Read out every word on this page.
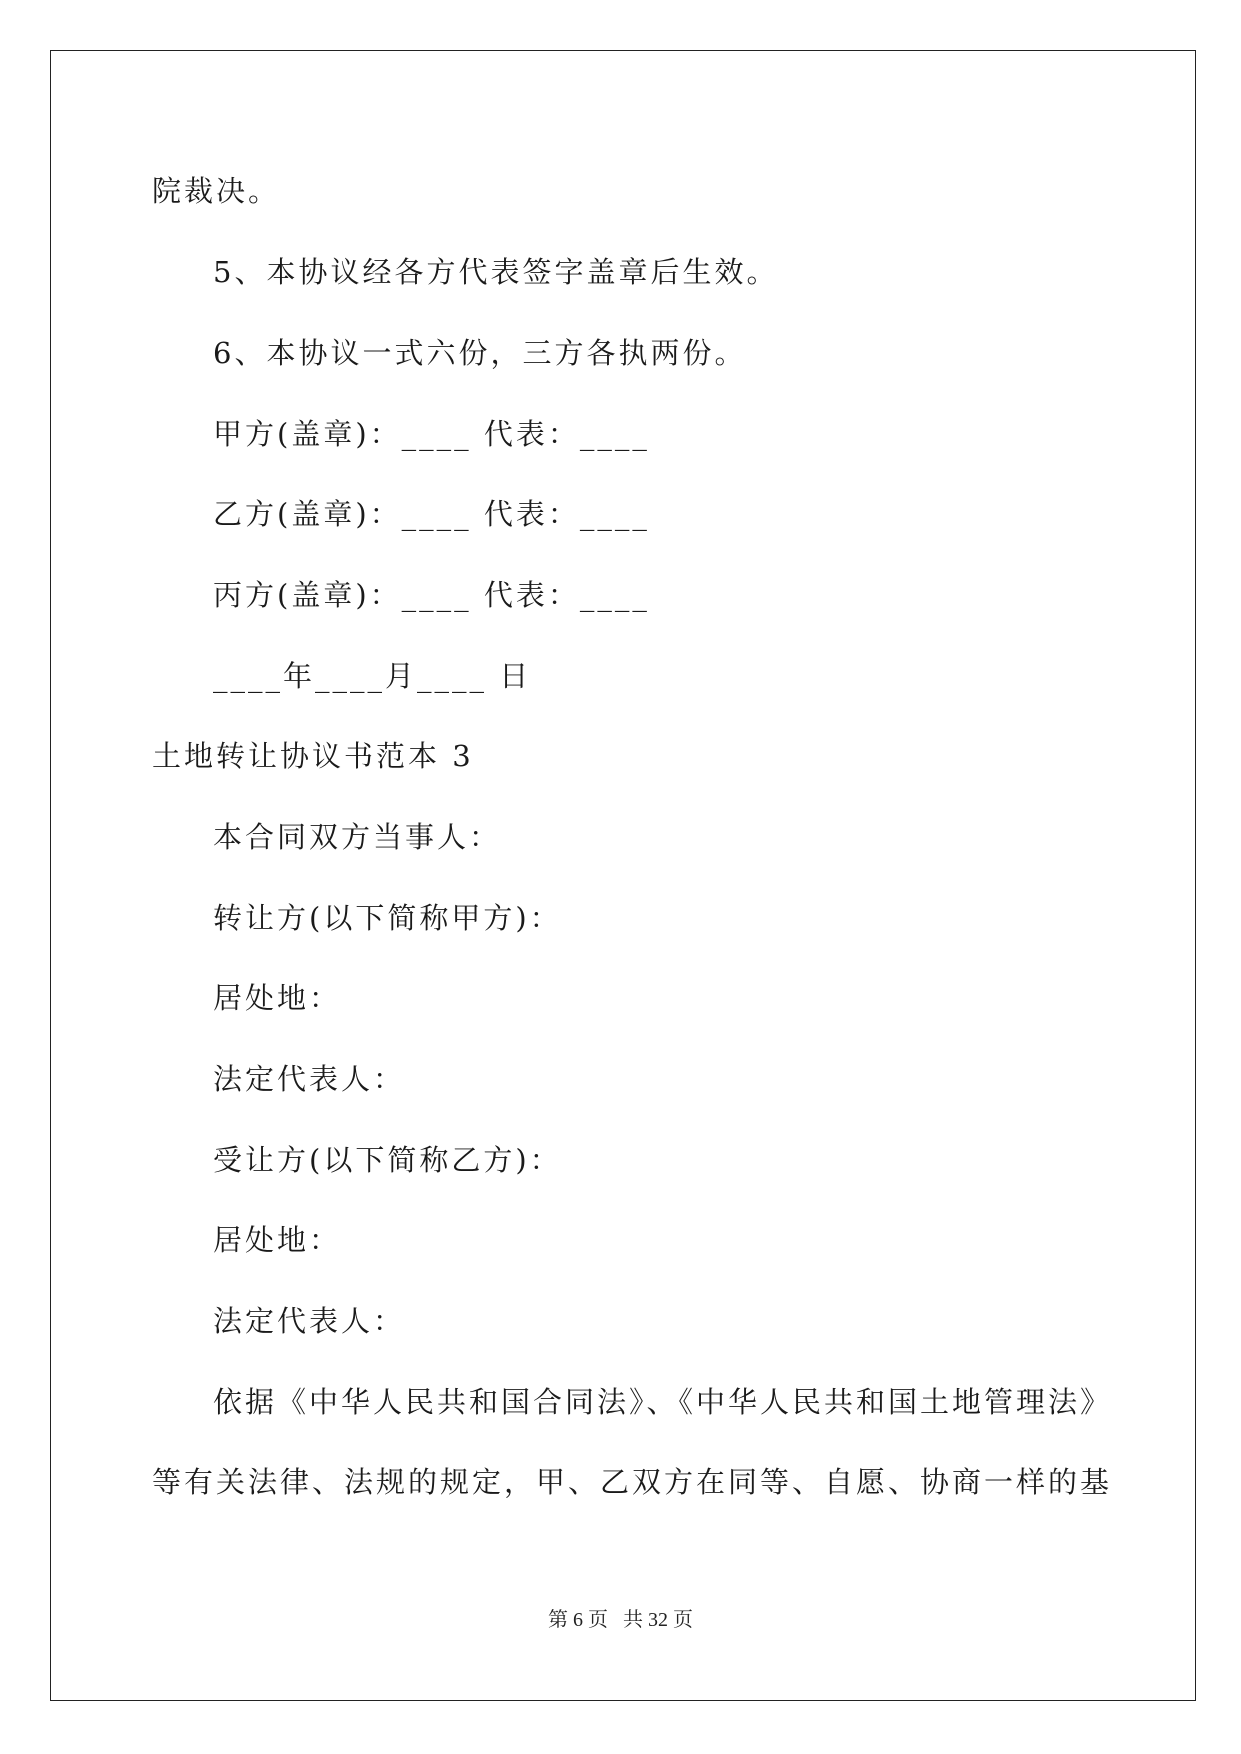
院裁决。
5、本协议经各方代表签字盖章后生效。
6、本协议一式六份，三方各执两份。
甲方(盖章)：____ 代表：____
乙方(盖章)：____ 代表：____
丙方(盖章)：____ 代表：____
____年____月____ 日
土地转让协议书范本 3
本合同双方当事人：
转让方(以下简称甲方)：
居处地：
法定代表人：
受让方(以下简称乙方)：
居处地：
法定代表人：
依据《中华人民共和国合同法》、《中华人民共和国土地管理法》
等有关法律、法规的规定，甲、乙双方在同等、自愿、协商一样的基
第 6 页   共 32 页
